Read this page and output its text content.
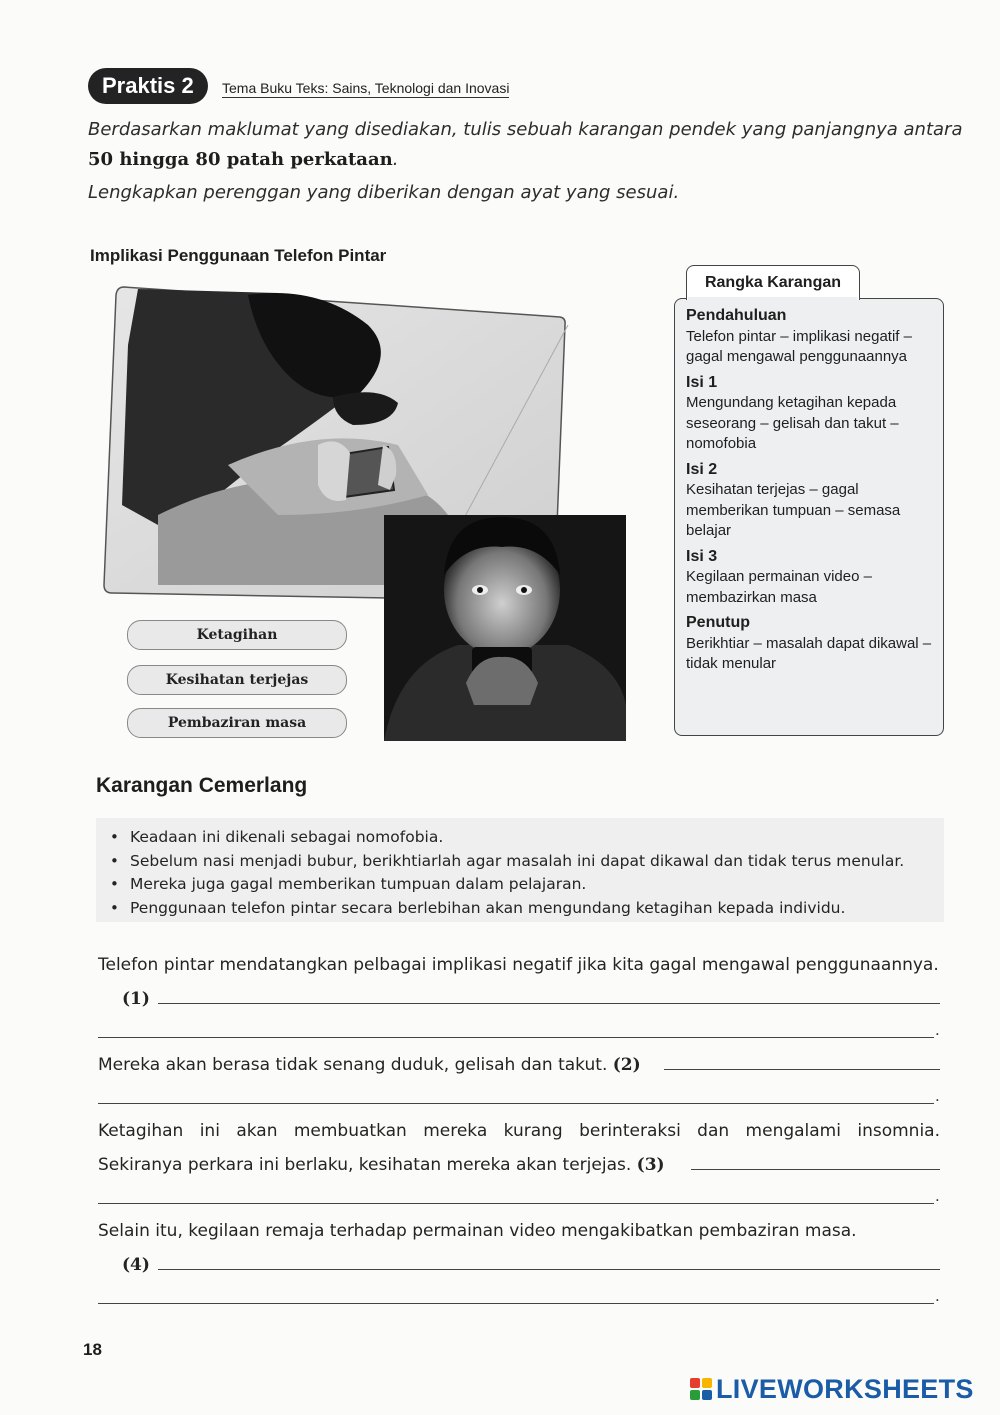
Praktis 2	Tema Buku Teks: Sains, Teknologi dan Inovasi
Berdasarkan maklumat yang disediakan, tulis sebuah karangan pendek yang panjangnya antara 50 hingga 80 patah perkataan.
Lengkapkan perenggan yang diberikan dengan ayat yang sesuai.
Implikasi Penggunaan Telefon Pintar
Ketagihan
Kesihatan terjejas
Pembaziran masa
Rangka Karangan
Pendahuluan
Telefon pintar – implikasi negatif – gagal mengawal penggunaannya
Isi 1
Mengundang ketagihan kepada seseorang – gelisah dan takut – nomofobia
Isi 2
Kesihatan terjejas – gagal memberikan tumpuan – semasa belajar
Isi 3
Kegilaan permainan video – membazirkan masa
Penutup
Berikhtiar – masalah dapat dikawal – tidak menular
Karangan Cemerlang
• Keadaan ini dikenali sebagai nomofobia.
• Sebelum nasi menjadi bubur, berikhtiarlah agar masalah ini dapat dikawal dan tidak terus menular.
• Mereka juga gagal memberikan tumpuan dalam pelajaran.
• Penggunaan telefon pintar secara berlebihan akan mengundang ketagihan kepada individu.
Telefon pintar mendatangkan pelbagai implikasi negatif jika kita gagal mengawal penggunaannya.
(1)
.
Mereka akan berasa tidak senang duduk, gelisah dan takut. (2)
.
Ketagihan ini akan membuatkan mereka kurang berinteraksi dan mengalami insomnia.
Sekiranya perkara ini berlaku, kesihatan mereka akan terjejas. (3)
.
Selain itu, kegilaan remaja terhadap permainan video mengakibatkan pembaziran masa.
(4)
.
18
LIVEWORKSHEETS
